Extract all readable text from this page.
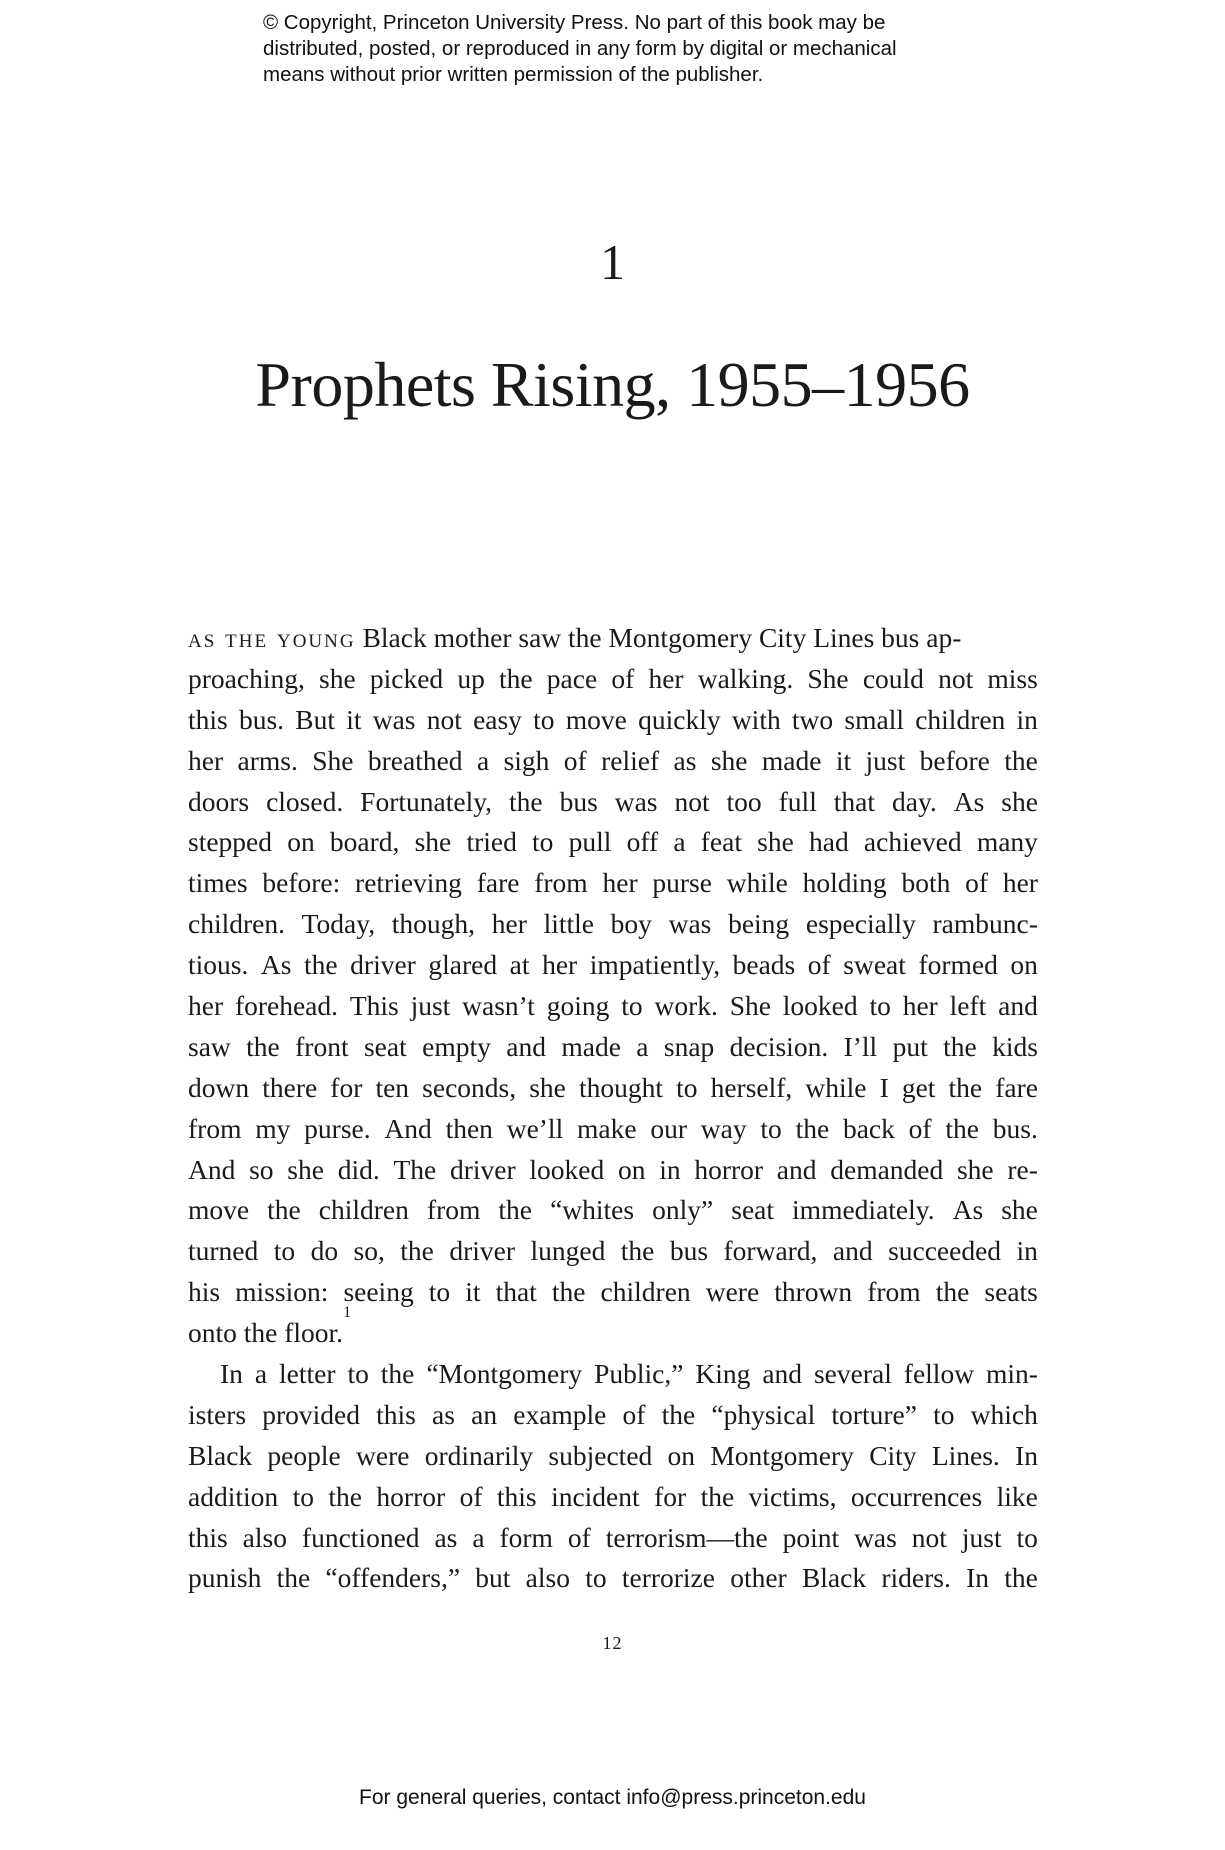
© Copyright, Princeton University Press. No part of this book may be
distributed, posted, or reproduced in any form by digital or mechanical
means without prior written permission of the publisher.
1
Prophets Rising, 1955–1956
as the young Black mother saw the Montgomery City Lines bus ap-
proaching, she picked up the pace of her walking. She could not miss
this bus. But it was not easy to move quickly with two small children in
her arms. She breathed a sigh of relief as she made it just before the
doors closed. Fortunately, the bus was not too full that day. As she
stepped on board, she tried to pull off a feat she had achieved many
times before: retrieving fare from her purse while holding both of her
children. Today, though, her little boy was being especially rambunc-
tious. As the driver glared at her impatiently, beads of sweat formed on
her forehead. This just wasn’t going to work. She looked to her left and
saw the front seat empty and made a snap decision. I’ll put the kids
down there for ten seconds, she thought to herself, while I get the fare
from my purse. And then we’ll make our way to the back of the bus.
And so she did. The driver looked on in horror and demanded she re-
move the children from the “whites only” seat immediately. As she
turned to do so, the driver lunged the bus forward, and succeeded in
his mission: seeing to it that the children were thrown from the seats
onto the floor.
1
In a letter to the “Montgomery Public,” King and several fellow min-
isters provided this as an example of the “physical torture” to which
Black people were ordinarily subjected on Montgomery City Lines. In
addition to the horror of this incident for the victims, occurrences like
this also functioned as a form of terrorism—the point was not just to
punish the “offenders,” but also to terrorize other Black riders. In the
12
For general queries, contact info@press.princeton.edu
